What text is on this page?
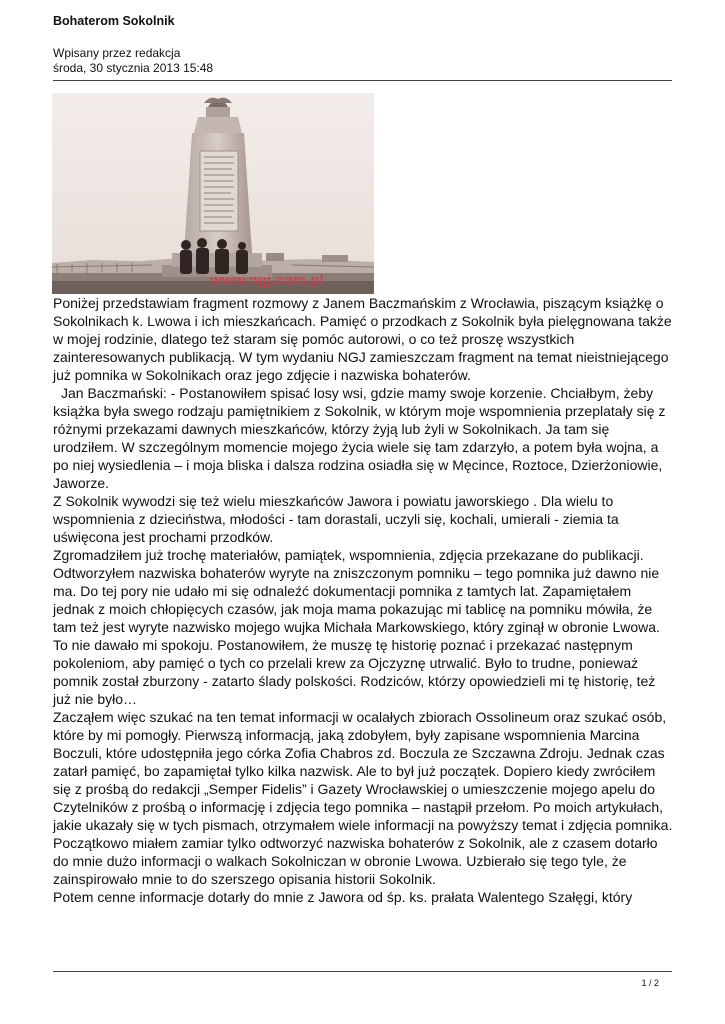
Bohaterom Sokolnik
Wpisany przez redakcja
środa, 30 stycznia 2013 15:48
www.ngj.com.pl

Poniżej przedstawiam fragment rozmowy z Janem Baczmańskim z Wrocławia, piszącym książkę o Sokolnikach k. Lwowa i ich mieszkańcach. Pamięć o przodkach z Sokolnik była pielęgnowana także w mojej rodzinie, dlatego też staram się pomóc autorowi, o co też proszę wszystkich zainteresowanych publikacją. W tym wydaniu NGJ zamieszczam fragment na temat nieistniejącego już pomnika w Sokolnikach oraz jego zdjęcie i nazwiska bohaterów.

Jan Baczmański: - Postanowiłem spisać losy wsi, gdzie mamy swoje korzenie. Chciałbym, żeby książka była swego rodzaju pamiętnikiem z Sokolnik, w którym moje wspomnienia przeplatały się z różnymi przekazami dawnych mieszkańców, którzy żyją lub żyli w Sokolnikach. Ja tam się urodziłem. W szczególnym momencie mojego życia wiele się tam zdarzyło, a potem była wojna, a po niej wysiedlenia – i moja bliska i dalsza rodzina osiadła się w Męcince, Roztoce, Dzierżoniowie, Jaworze.

Z Sokolnik wywodzi się też wielu mieszkańców Jawora i powiatu jaworskiego . Dla wielu to wspomnienia z dzieciństwa, młodości - tam dorastali, uczyli się, kochali, umierali - ziemia ta uświęcona jest prochami przodków.

Zgromadziłem już trochę materiałów, pamiątek, wspomnienia, zdjęcia przekazane do publikacji. Odtworzyłem nazwiska bohaterów wyryte na zniszczonym pomniku – tego pomnika już dawno nie ma. Do tej pory nie udało mi się odnaleźć dokumentacji pomnika z tamtych lat. Zapamiętałem jednak z moich chłopięcych czasów, jak moja mama pokazując mi tablicę na pomniku mówiła, że tam też jest wyryte nazwisko mojego wujka Michała Markowskiego, który zginął w obronie Lwowa. To nie dawało mi spokoju. Postanowiłem, że muszę tę historię poznać i przekazać następnym pokoleniom, aby pamięć o tych co przelali krew za Ojczyznę utrwalić. Było to trudne, ponieważ pomnik został zburzony - zatarto ślady polskości. Rodziców, którzy opowiedzieli mi tę historię, też już nie było…

Zacząłem więc szukać na ten temat informacji w ocalałych zbiorach Ossolineum oraz szukać osób, które by mi pomogły. Pierwszą informacją, jaką zdobyłem, były zapisane wspomnienia Marcina Boczuli, które udostępniła jego córka Zofia Chabros zd. Boczula ze Szczawna Zdroju. Jednak czas zatarł pamięć, bo zapamiętał tylko kilka nazwisk. Ale to był już początek. Dopiero kiedy zwróciłem się z prośbą do redakcji „Semper Fidelis” i Gazety Wrocławskiej o umieszczenie mojego apelu do Czytelników z prośbą o informację i zdjęcia tego pomnika – nastąpił przełom. Po moich artykułach, jakie ukazały się w tych pismach, otrzymałem wiele informacji na powyższy temat i zdjęcia pomnika. Początkowo miałem zamiar tylko odtworzyć nazwiska bohaterów z Sokolnik, ale z czasem dotarło do mnie dużo informacji o walkach Sokolniczan w obronie Lwowa. Uzbierało się tego tyle, że zainspirowało mnie to do szerszego opisania historii Sokolnik.

Potem cenne informacje dotarły do mnie z Jawora od śp. ks. prałata Walentego Szałęgi, który

1 / 2
